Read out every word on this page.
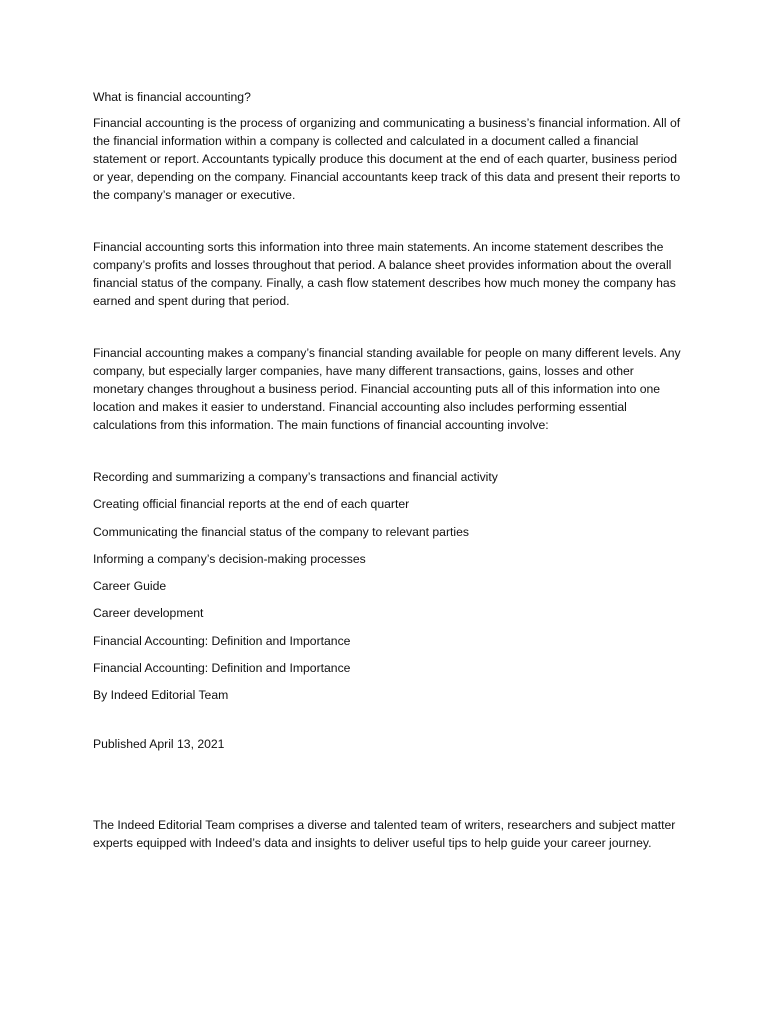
What is financial accounting?

Financial accounting is the process of organizing and communicating a business’s financial information. All of the financial information within a company is collected and calculated in a document called a financial statement or report. Accountants typically produce this document at the end of each quarter, business period or year, depending on the company. Financial accountants keep track of this data and present their reports to the company’s manager or executive.

Financial accounting sorts this information into three main statements. An income statement describes the company’s profits and losses throughout that period. A balance sheet provides information about the overall financial status of the company. Finally, a cash flow statement describes how much money the company has earned and spent during that period.

Financial accounting makes a company’s financial standing available for people on many different levels. Any company, but especially larger companies, have many different transactions, gains, losses and other monetary changes throughout a business period. Financial accounting puts all of this information into one location and makes it easier to understand. Financial accounting also includes performing essential calculations from this information. The main functions of financial accounting involve:

Recording and summarizing a company’s transactions and financial activity

Creating official financial reports at the end of each quarter

Communicating the financial status of the company to relevant parties

Informing a company’s decision-making processes

Career Guide

Career development

Financial Accounting: Definition and Importance

Financial Accounting: Definition and Importance

By Indeed Editorial Team

Published April 13, 2021

The Indeed Editorial Team comprises a diverse and talented team of writers, researchers and subject matter experts equipped with Indeed’s data and insights to deliver useful tips to help guide your career journey.
